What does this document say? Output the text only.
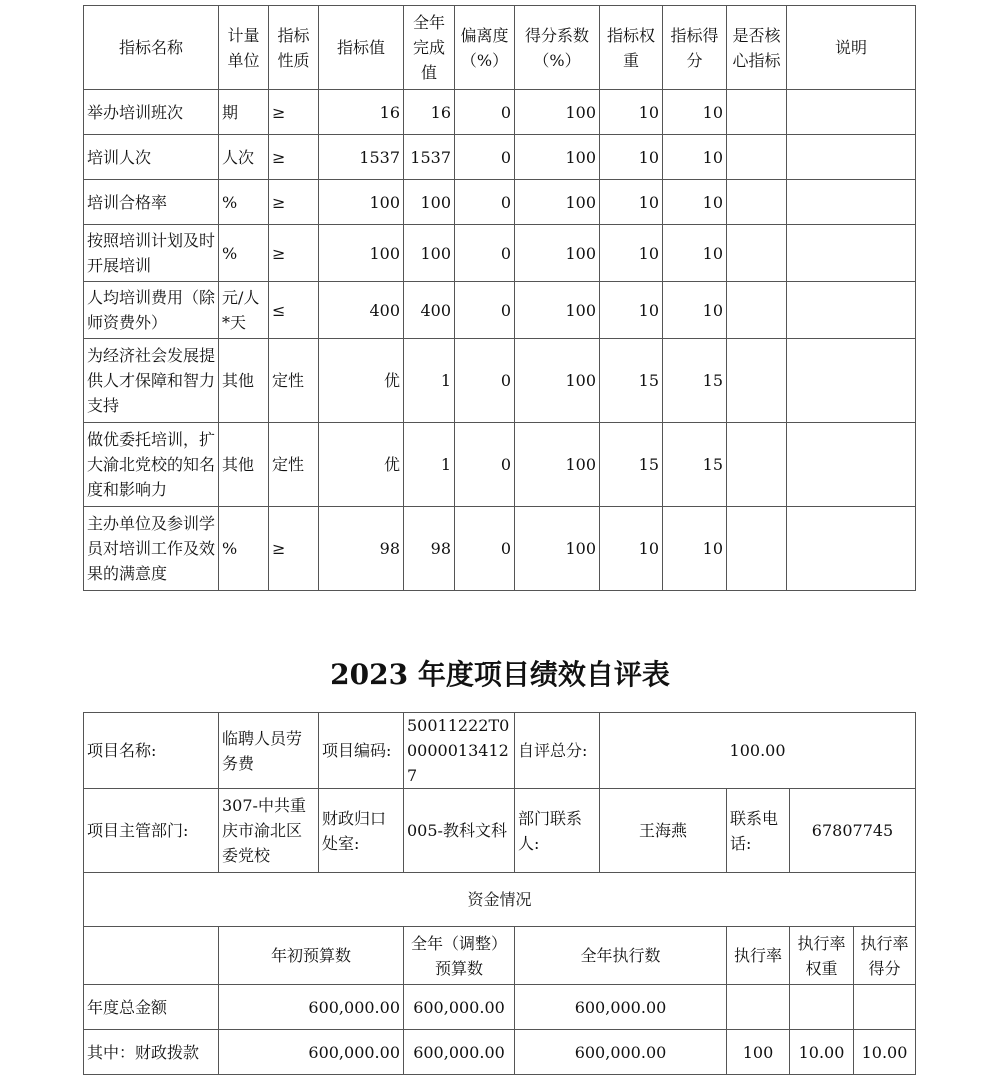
指标名称	计量单位	指标性质	指标值	全年完成值	偏离度（%）	得分系数（%）	指标权重	指标得分	是否核心指标	说明
举办培训班次	期	≥	16	16	0	100	10	10		
培训人次	人次	≥	1537	1537	0	100	10	10		
培训合格率	%	≥	100	100	0	100	10	10		
按照培训计划及时开展培训	%	≥	100	100	0	100	10	10		
人均培训费用（除师资费外）	元/人*天	≤	400	400	0	100	10	10		
为经济社会发展提供人才保障和智力支持	其他	定性	优	1	0	100	15	15		
做优委托培训，扩大渝北党校的知名度和影响力	其他	定性	优	1	0	100	15	15		
主办单位及参训学员对培训工作及效果的满意度	%	≥	98	98	0	100	10	10		
2023 年度项目绩效自评表
项目名称:	临聘人员劳务费	项目编码:	50011222T000000134127	自评总分:	100.00			
项目主管部门:	307-中共重庆市渝北区委党校	财政归口处室:	005-教科文科	部门联系人:	王海燕	联系电话:	67807745	
资金情况								
	年初预算数		全年（调整）预算数	全年执行数		执行率	执行率权重	执行率得分
年度总金额	600,000.00		600,000.00	600,000.00				
其中：财政拨款	600,000.00		600,000.00	600,000.00		100	10.00	10.00
